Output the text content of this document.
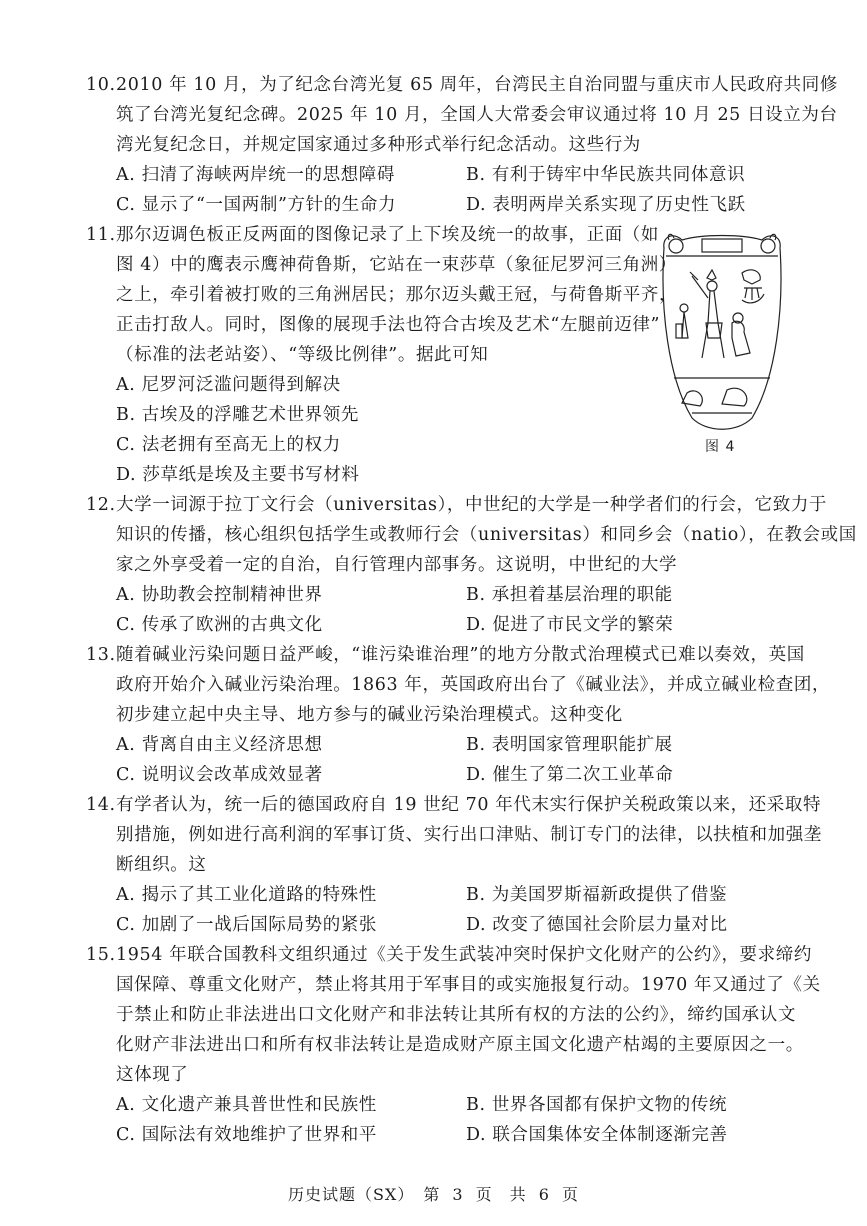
10.2010 年 10 月，为了纪念台湾光复 65 周年，台湾民主自治同盟与重庆市人民政府共同修
筑了台湾光复纪念碑。2025 年 10 月，全国人大常委会审议通过将 10 月 25 日设立为台
湾光复纪念日，并规定国家通过多种形式举行纪念活动。这些行为
A. 扫清了海峡两岸统一的思想障碍	B. 有利于铸牢中华民族共同体意识
C. 显示了“一国两制”方针的生命力	D. 表明两岸关系实现了历史性飞跃
11.那尔迈调色板正反两面的图像记录了上下埃及统一的故事，正面（如
图 4）中的鹰表示鹰神荷鲁斯，它站在一束莎草（象征尼罗河三角洲）
之上，牵引着被打败的三角洲居民；那尔迈头戴王冠，与荷鲁斯平齐，
正击打敌人。同时，图像的展现手法也符合古埃及艺术“左腿前迈律”
（标准的法老站姿）、“等级比例律”。据此可知
A. 尼罗河泛滥问题得到解决
B. 古埃及的浮雕艺术世界领先
C. 法老拥有至高无上的权力
D. 莎草纸是埃及主要书写材料
图 4
12.大学一词源于拉丁文行会（universitas），中世纪的大学是一种学者们的行会，它致力于
知识的传播，核心组织包括学生或教师行会（universitas）和同乡会（natio），在教会或国
家之外享受着一定的自治，自行管理内部事务。这说明，中世纪的大学
A. 协助教会控制精神世界	B. 承担着基层治理的职能
C. 传承了欧洲的古典文化	D. 促进了市民文学的繁荣
13.随着碱业污染问题日益严峻，“谁污染谁治理”的地方分散式治理模式已难以奏效，英国
政府开始介入碱业污染治理。1863 年，英国政府出台了《碱业法》，并成立碱业检查团，
初步建立起中央主导、地方参与的碱业污染治理模式。这种变化
A. 背离自由主义经济思想	B. 表明国家管理职能扩展
C. 说明议会改革成效显著	D. 催生了第二次工业革命
14.有学者认为，统一后的德国政府自 19 世纪 70 年代末实行保护关税政策以来，还采取特
别措施，例如进行高利润的军事订货、实行出口津贴、制订专门的法律，以扶植和加强垄
断组织。这
A. 揭示了其工业化道路的特殊性	B. 为美国罗斯福新政提供了借鉴
C. 加剧了一战后国际局势的紧张	D. 改变了德国社会阶层力量对比
15.1954 年联合国教科文组织通过《关于发生武装冲突时保护文化财产的公约》，要求缔约
国保障、尊重文化财产，禁止将其用于军事目的或实施报复行动。1970 年又通过了《关
于禁止和防止非法进出口文化财产和非法转让其所有权的方法的公约》，缔约国承认文
化财产非法进出口和所有权非法转让是造成财产原主国文化遗产枯竭的主要原因之一。
这体现了
A. 文化遗产兼具普世性和民族性	B. 世界各国都有保护文物的传统
C. 国际法有效地维护了世界和平	D. 联合国集体安全体制逐渐完善
历史试题（SX）　第 3 页　共 6 页
